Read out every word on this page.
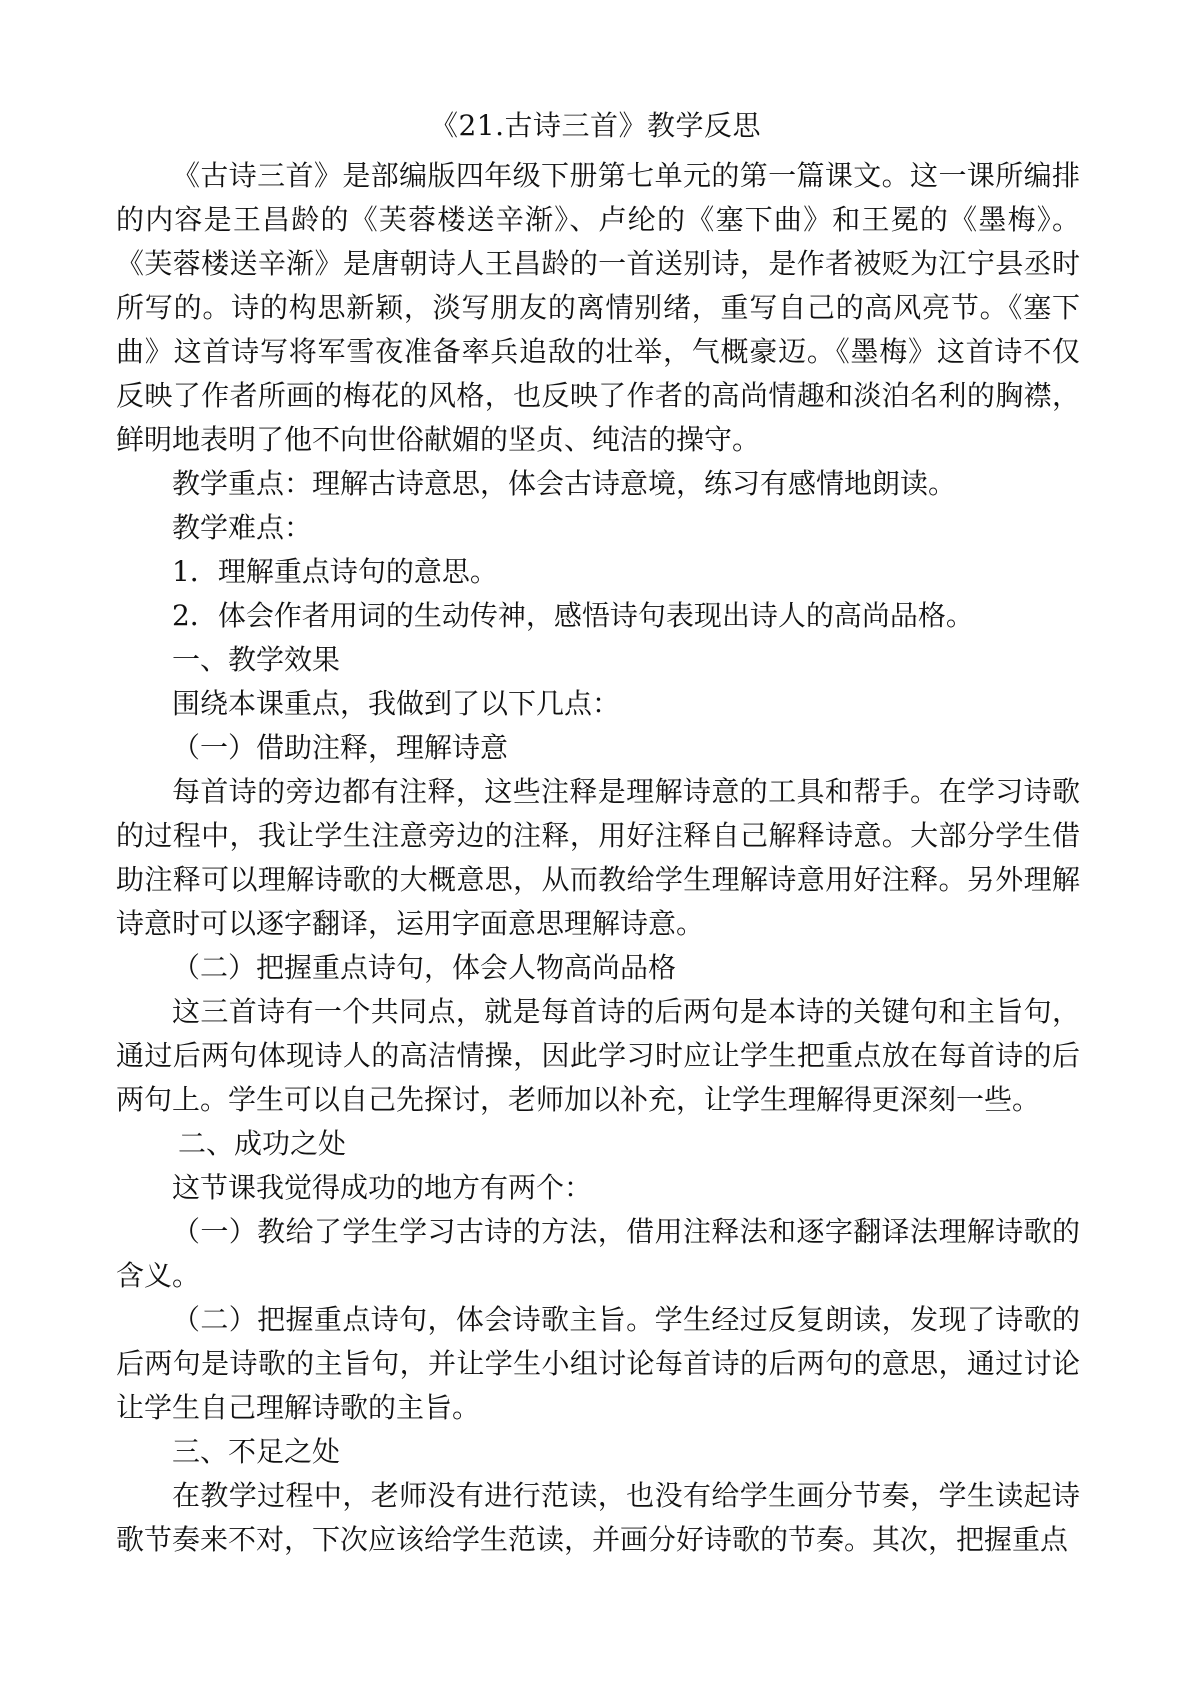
《21.古诗三首》教学反思

《古诗三首》是部编版四年级下册第七单元的第一篇课文。这一课所编排的内容是王昌龄的《芙蓉楼送辛渐》、卢纶的《塞下曲》和王冕的《墨梅》。《芙蓉楼送辛渐》是唐朝诗人王昌龄的一首送别诗，是作者被贬为江宁县丞时所写的。诗的构思新颖，淡写朋友的离情别绪，重写自己的高风亮节。《塞下曲》这首诗写将军雪夜准备率兵追敌的壮举，气概豪迈。《墨梅》这首诗不仅反映了作者所画的梅花的风格，也反映了作者的高尚情趣和淡泊名利的胸襟，鲜明地表明了他不向世俗献媚的坚贞、纯洁的操守。

教学重点：理解古诗意思，体会古诗意境，练习有感情地朗读。

教学难点：

1．理解重点诗句的意思。

2．体会作者用词的生动传神，感悟诗句表现出诗人的高尚品格。

一、教学效果

围绕本课重点，我做到了以下几点：

（一）借助注释，理解诗意

每首诗的旁边都有注释，这些注释是理解诗意的工具和帮手。在学习诗歌的过程中，我让学生注意旁边的注释，用好注释自己解释诗意。大部分学生借助注释可以理解诗歌的大概意思，从而教给学生理解诗意用好注释。另外理解诗意时可以逐字翻译，运用字面意思理解诗意。

（二）把握重点诗句，体会人物高尚品格

这三首诗有一个共同点，就是每首诗的后两句是本诗的关键句和主旨句，通过后两句体现诗人的高洁情操，因此学习时应让学生把重点放在每首诗的后两句上。学生可以自己先探讨，老师加以补充，让学生理解得更深刻一些。

二、成功之处

这节课我觉得成功的地方有两个：

（一）教给了学生学习古诗的方法，借用注释法和逐字翻译法理解诗歌的含义。

（二）把握重点诗句，体会诗歌主旨。学生经过反复朗读，发现了诗歌的后两句是诗歌的主旨句，并让学生小组讨论每首诗的后两句的意思，通过讨论让学生自己理解诗歌的主旨。

三、不足之处

在教学过程中，老师没有进行范读，也没有给学生画分节奏，学生读起诗歌节奏来不对，下次应该给学生范读，并画分好诗歌的节奏。其次，把握重点
